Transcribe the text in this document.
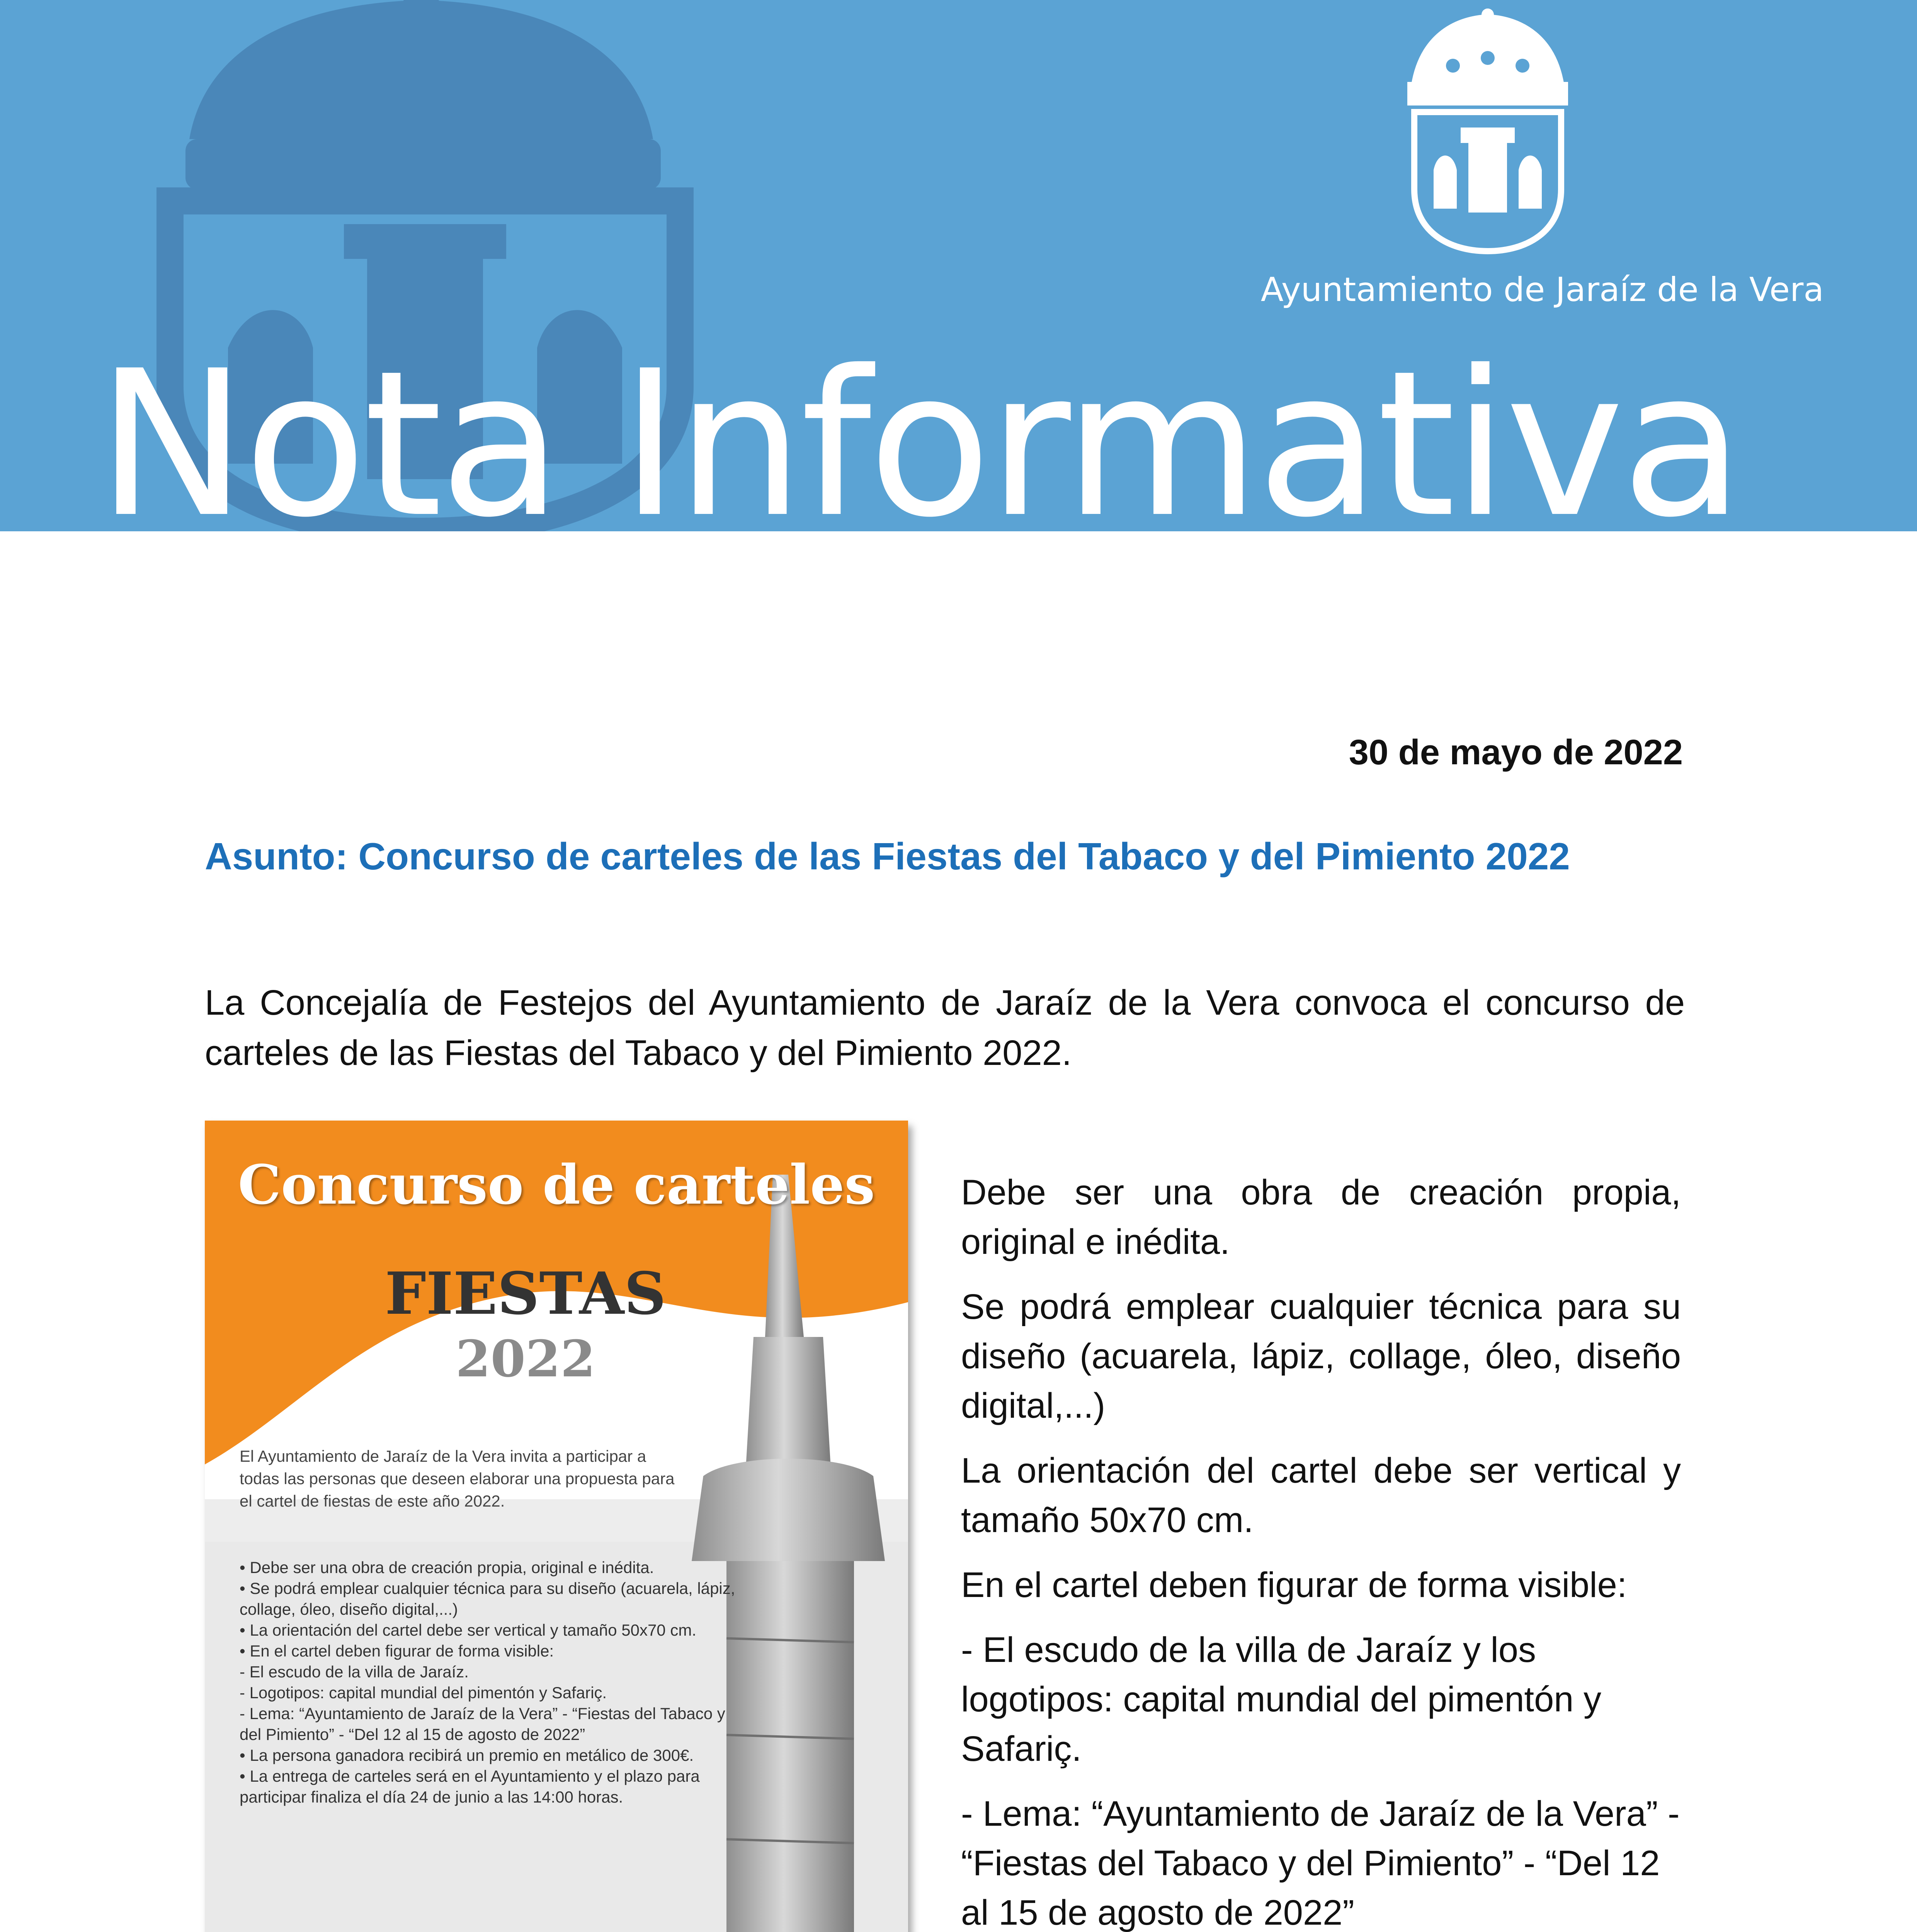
Ayuntamiento de Jaraíz de la Vera
Nota Informativa
30 de mayo de 2022
Asunto: Concurso de carteles de las Fiestas del Tabaco y del Pimiento 2022
La Concejalía de Festejos del Ayuntamiento de Jaraíz de la Vera convoca el concurso de carteles de las Fiestas del Tabaco y del Pimiento 2022.
Concurso de carteles
FIESTAS
2022
El Ayuntamiento de Jaraíz de la Vera invita a participar a todas las personas que deseen elaborar una propuesta para el cartel de fiestas de este año 2022.
• Debe ser una obra de creación propia, original e inédita.
• Se podrá emplear cualquier técnica para su diseño (acuarela, lápiz, collage, óleo, diseño digital,...)
• La orientación del cartel debe ser vertical y tamaño 50x70 cm.
• En el cartel deben figurar de forma visible:
- El escudo de la villa de Jaraíz.
- Logotipos: capital mundial del pimentón y Safariç.
- Lema: “Ayuntamiento de Jaraíz de la Vera” - “Fiestas del Tabaco y del Pimiento” - “Del 12 al 15 de agosto de 2022”
• La persona ganadora recibirá un premio en metálico de 300€.
• La entrega de carteles será en el Ayuntamiento y el plazo para participar finaliza el día 24 de junio a las 14:00 horas.

Debe ser una obra de creación propia, original e inédita.

Se podrá emplear cualquier técnica para su diseño (acuarela, lápiz, collage, óleo, diseño digital,...)

La orientación del cartel debe ser vertical y tamaño 50x70 cm.

En el cartel deben figurar de forma visible:

- El escudo de la villa de Jaraíz y los logotipos: capital mundial del pimentón y Safariç.

- Lema: “Ayuntamiento de Jaraíz de la Vera” - “Fiestas del Tabaco y del Pimiento” - “Del 12 al 15 de agosto de 2022”
